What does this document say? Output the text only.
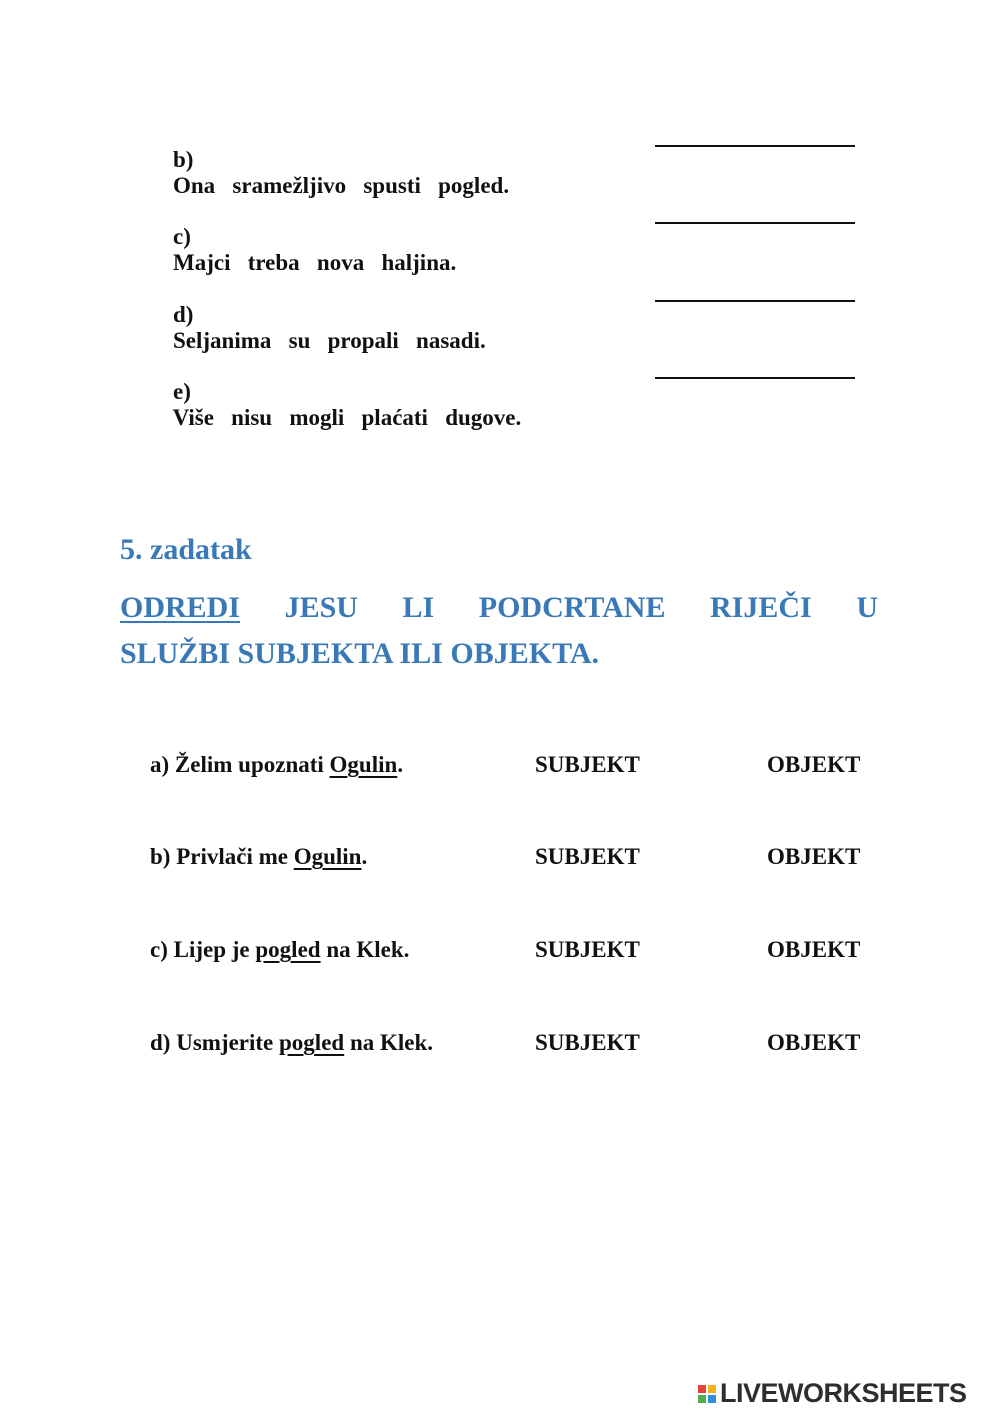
b)
Ona   sramežljivo   spusti   pogled.

c)
Majci   treba   nova   haljina.

d)
Seljanima   su   propali   nasadi.

e)
Više   nisu   mogli   plaćati   dugove.

5. zadatak
ODREDI JESU LI PODCRTANE RIJEČI U
SLUŽBI SUBJEKTA ILI OBJEKTA.
a) Želim upoznati Ogulin.	SUBJEKT	OBJEKT
b) Privlači me Ogulin.	SUBJEKT	OBJEKT
c) Lijep je pogled na Klek.	SUBJEKT	OBJEKT
d) Usmjerite pogled na Klek.	SUBJEKT	OBJEKT
LIVEWORKSHEETS
